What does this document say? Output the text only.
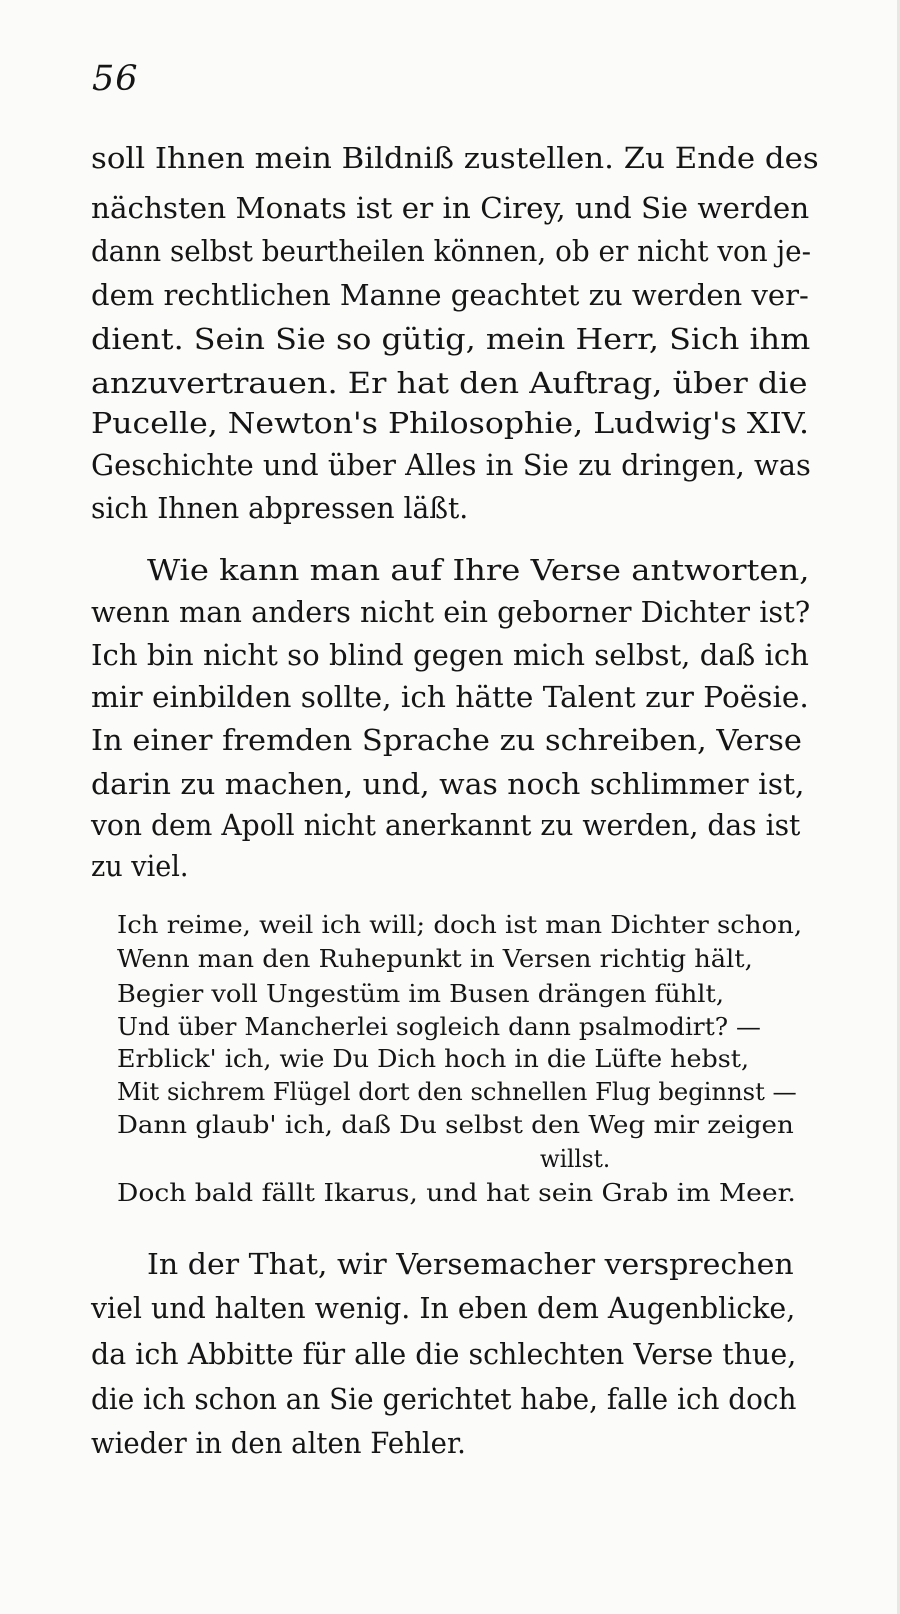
56
soll Ihnen mein Bildniß zustellen. Zu Ende des
nächsten Monats ist er in Cirey, und Sie werden
dann selbst beurtheilen können, ob er nicht von je-
dem rechtlichen Manne geachtet zu werden ver-
dient. Sein Sie so gütig, mein Herr, Sich ihm
anzuvertrauen. Er hat den Auftrag, über die
Pucelle, Newton's Philosophie, Ludwig's XIV.
Geschichte und über Alles in Sie zu dringen, was
sich Ihnen abpressen läßt.
Wie kann man auf Ihre Verse antworten,
wenn man anders nicht ein geborner Dichter ist?
Ich bin nicht so blind gegen mich selbst, daß ich
mir einbilden sollte, ich hätte Talent zur Poësie.
In einer fremden Sprache zu schreiben, Verse
darin zu machen, und, was noch schlimmer ist,
von dem Apoll nicht anerkannt zu werden, das ist
zu viel.
Ich reime, weil ich will; doch ist man Dichter schon,
Wenn man den Ruhepunkt in Versen richtig hält,
Begier voll Ungestüm im Busen drängen fühlt,
Und über Mancherlei sogleich dann psalmodirt? —
Erblick' ich, wie Du Dich hoch in die Lüfte hebst,
Mit sichrem Flügel dort den schnellen Flug beginnst —
Dann glaub' ich, daß Du selbst den Weg mir zeigen
willst.
Doch bald fällt Ikarus, und hat sein Grab im Meer.
In der That, wir Versemacher versprechen
viel und halten wenig. In eben dem Augenblicke,
da ich Abbitte für alle die schlechten Verse thue,
die ich schon an Sie gerichtet habe, falle ich doch
wieder in den alten Fehler.
